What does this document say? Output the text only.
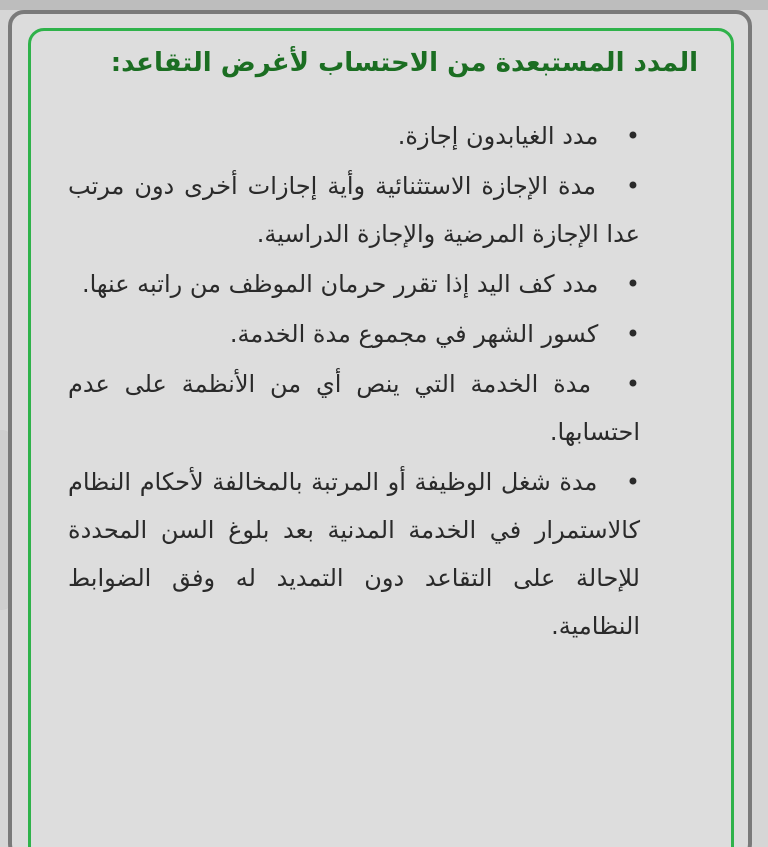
المدد المستبعدة من الاحتساب لأغرض التقاعد:
• مدد الغيابدون إجازة.
• مدة الإجازة الاستثنائية وأية إجازات أخرى دون مرتب عدا الإجازة المرضية والإجازة الدراسية.
• مدد كف اليد إذا تقرر حرمان الموظف من راتبه عنها.
• كسور الشهر في مجموع مدة الخدمة.
• مدة الخدمة التي ينص أي من الأنظمة على عدم احتسابها.
• مدة شغل الوظيفة أو المرتبة بالمخالفة لأحكام النظام كالاستمرار في الخدمة المدنية بعد بلوغ السن المحددة للإحالة على التقاعد دون التمديد له وفق الضوابط النظامية.
